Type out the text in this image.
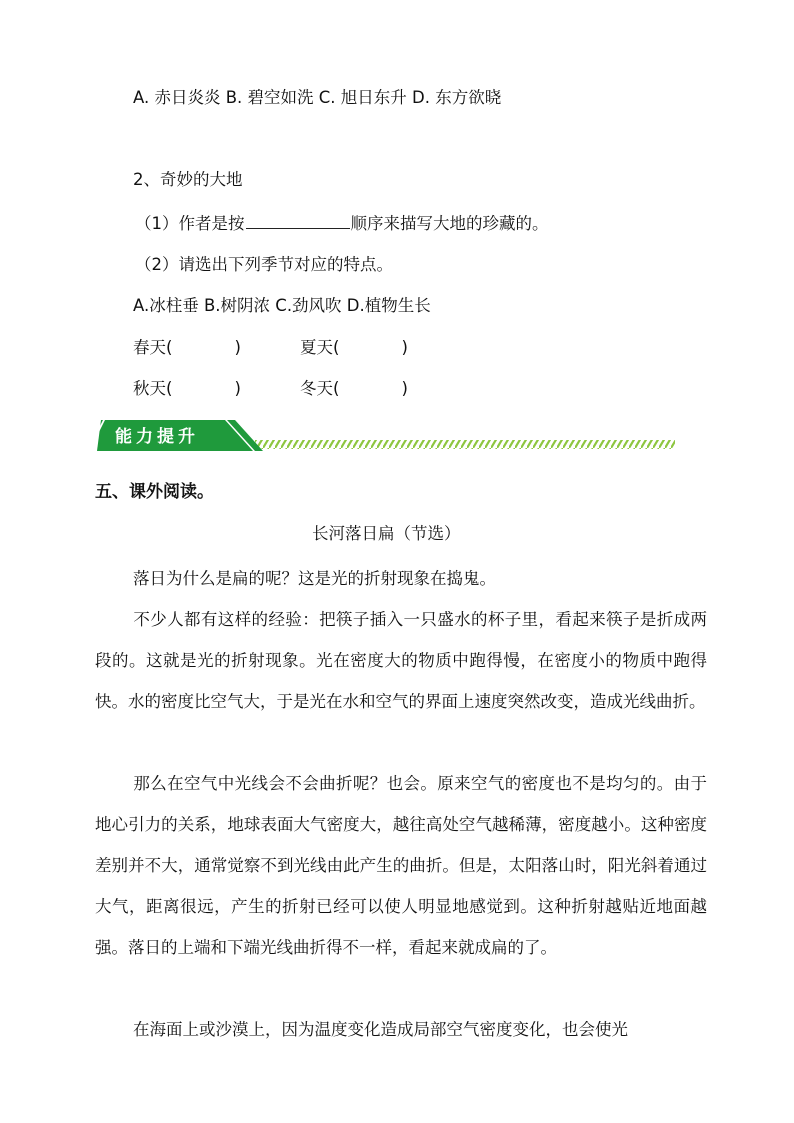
A. 赤日炎炎 B. 碧空如洗 C. 旭日东升 D. 东方欲晓
2、奇妙的大地
（1）作者是按	顺序来描写大地的珍藏的。
（2）请选出下列季节对应的特点。
A.冰柱垂 B.树阴浓 C.劲风吹 D.植物生长
春天(	)	夏天(	)
秋天(	)	冬天(	)
能力提升
五、课外阅读。
长河落日扁（节选）

落日为什么是扁的呢？这是光的折射现象在捣鬼。

不少人都有这样的经验：把筷子插入一只盛水的杯子里，看起来筷子是折成两段的。这就是光的折射现象。光在密度大的物质中跑得慢，在密度小的物质中跑得快。水的密度比空气大，于是光在水和空气的界面上速度突然改变，造成光线曲折。

那么在空气中光线会不会曲折呢？也会。原来空气的密度也不是均匀的。由于地心引力的关系，地球表面大气密度大，越往高处空气越稀薄，密度越小。这种密度差别并不大，通常觉察不到光线由此产生的曲折。但是，太阳落山时，阳光斜着通过大气，距离很远，产生的折射已经可以使人明显地感觉到。这种折射越贴近地面越强。落日的上端和下端光线曲折得不一样，看起来就成扁的了。

在海面上或沙漠上，因为温度变化造成局部空气密度变化，也会使光
